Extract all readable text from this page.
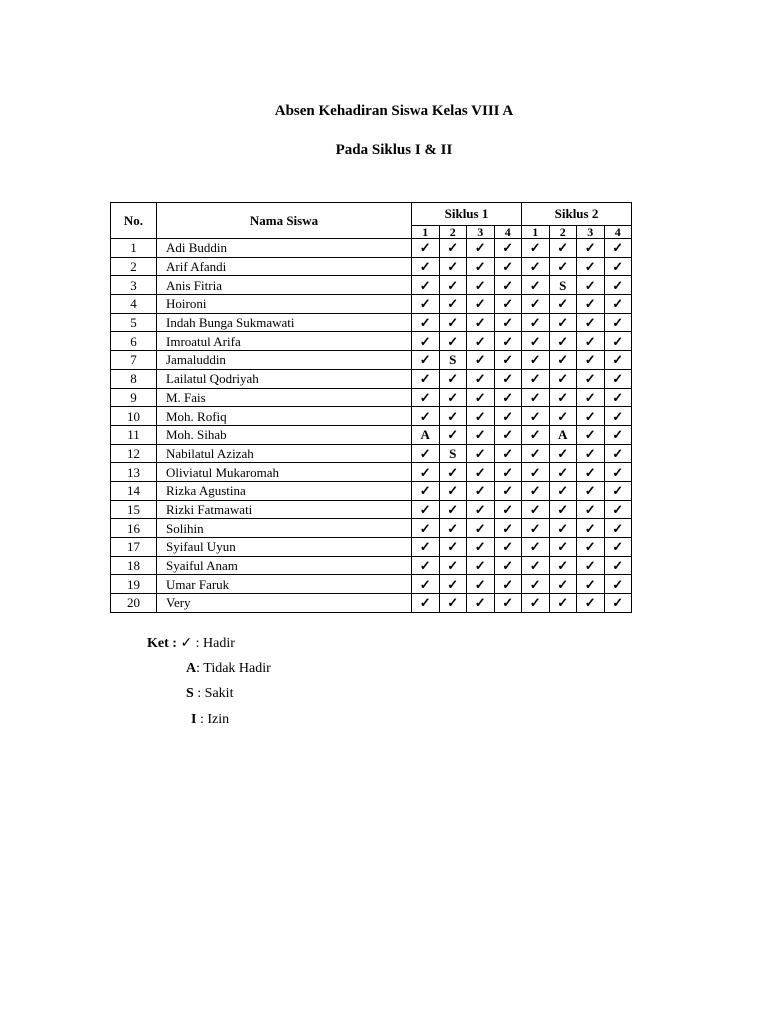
Absen Kehadiran Siswa Kelas VIII A
Pada Siklus I & II
No.	Nama Siswa	Siklus 1				Siklus 2			
		1	2	3	4	1	2	3	4
1	Adi Buddin	✓	✓	✓	✓	✓	✓	✓	✓
2	Arif Afandi	✓	✓	✓	✓	✓	✓	✓	✓
3	Anis Fitria	✓	✓	✓	✓	✓	S	✓	✓
4	Hoironi	✓	✓	✓	✓	✓	✓	✓	✓
5	Indah Bunga Sukmawati	✓	✓	✓	✓	✓	✓	✓	✓
6	Imroatul Arifa	✓	✓	✓	✓	✓	✓	✓	✓
7	Jamaluddin	✓	S	✓	✓	✓	✓	✓	✓
8	Lailatul Qodriyah	✓	✓	✓	✓	✓	✓	✓	✓
9	M. Fais	✓	✓	✓	✓	✓	✓	✓	✓
10	Moh. Rofiq	✓	✓	✓	✓	✓	✓	✓	✓
11	Moh. Sihab	A	✓	✓	✓	✓	A	✓	✓
12	Nabilatul Azizah	✓	S	✓	✓	✓	✓	✓	✓
13	Oliviatul Mukaromah	✓	✓	✓	✓	✓	✓	✓	✓
14	Rizka Agustina	✓	✓	✓	✓	✓	✓	✓	✓
15	Rizki Fatmawati	✓	✓	✓	✓	✓	✓	✓	✓
16	Solihin	✓	✓	✓	✓	✓	✓	✓	✓
17	Syifaul Uyun	✓	✓	✓	✓	✓	✓	✓	✓
18	Syaiful Anam	✓	✓	✓	✓	✓	✓	✓	✓
19	Umar Faruk	✓	✓	✓	✓	✓	✓	✓	✓
20	Very	✓	✓	✓	✓	✓	✓	✓	✓
Ket : ✓ : Hadir
A: Tidak Hadir
S : Sakit
I : Izin
